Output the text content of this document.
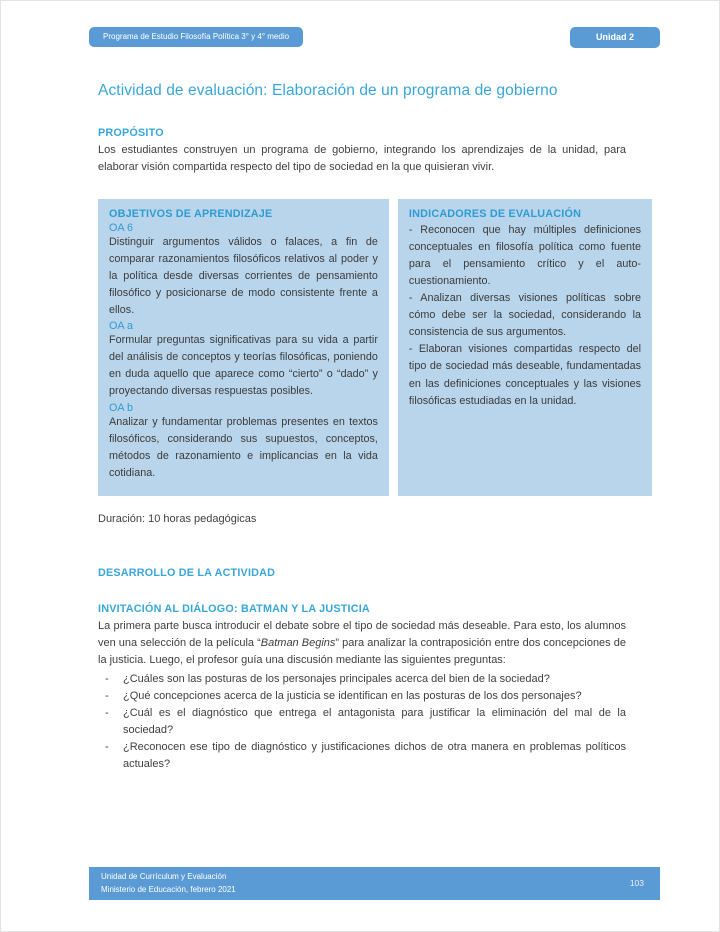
Programa de Estudio Filosofía Política 3° y 4° medio	Unidad 2
Actividad de evaluación: Elaboración de un programa de gobierno
PROPÓSITO

Los estudiantes construyen un programa de gobierno, integrando los aprendizajes de la unidad, para elaborar visión compartida respecto del tipo de sociedad en la que quisieran vivir.

OBJETIVOS DE APRENDIZAJE
OA 6

Distinguir argumentos válidos o falaces, a fin de comparar razonamientos filosóficos relativos al poder y la política desde diversas corrientes de pensamiento filosófico y posicionarse de modo consistente frente a ellos.

OA a

Formular preguntas significativas para su vida a partir del análisis de conceptos y teorías filosóficas, poniendo en duda aquello que aparece como “cierto” o “dado” y proyectando diversas respuestas posibles.

OA b

Analizar y fundamentar problemas presentes en textos filosóficos, considerando sus supuestos, conceptos, métodos de razonamiento e implicancias en la vida cotidiana.

INDICADORES DE EVALUACIÓN

- Reconocen que hay múltiples definiciones conceptuales en filosofía política como fuente para el pensamiento crítico y el auto-cuestionamiento.

- Analizan diversas visiones políticas sobre cómo debe ser la sociedad, considerando la consistencia de sus argumentos.

- Elaboran visiones compartidas respecto del tipo de sociedad más deseable, fundamentadas en las definiciones conceptuales y las visiones filosóficas estudiadas en la unidad.

Duración: 10 horas pedagógicas

DESARROLLO DE LA ACTIVIDAD
INVITACIÓN AL DIÁLOGO: BATMAN Y LA JUSTICIA

La primera parte busca introducir el debate sobre el tipo de sociedad más deseable. Para esto, los alumnos ven una selección de la película “Batman Begins” para analizar la contraposición entre dos concepciones de la justicia. Luego, el profesor guía una discusión mediante las siguientes preguntas:

-	¿Cuáles son las posturas de los personajes principales acerca del bien de la sociedad?
-	¿Qué concepciones acerca de la justicia se identifican en las posturas de los dos personajes?
-	¿Cuál es el diagnóstico que entrega el antagonista para justificar la eliminación del mal de la sociedad?
-	¿Reconocen ese tipo de diagnóstico y justificaciones dichos de otra manera en problemas políticos actuales?
Unidad de Currículum y Evaluación
Ministerio de Educación, febrero 2021
103
